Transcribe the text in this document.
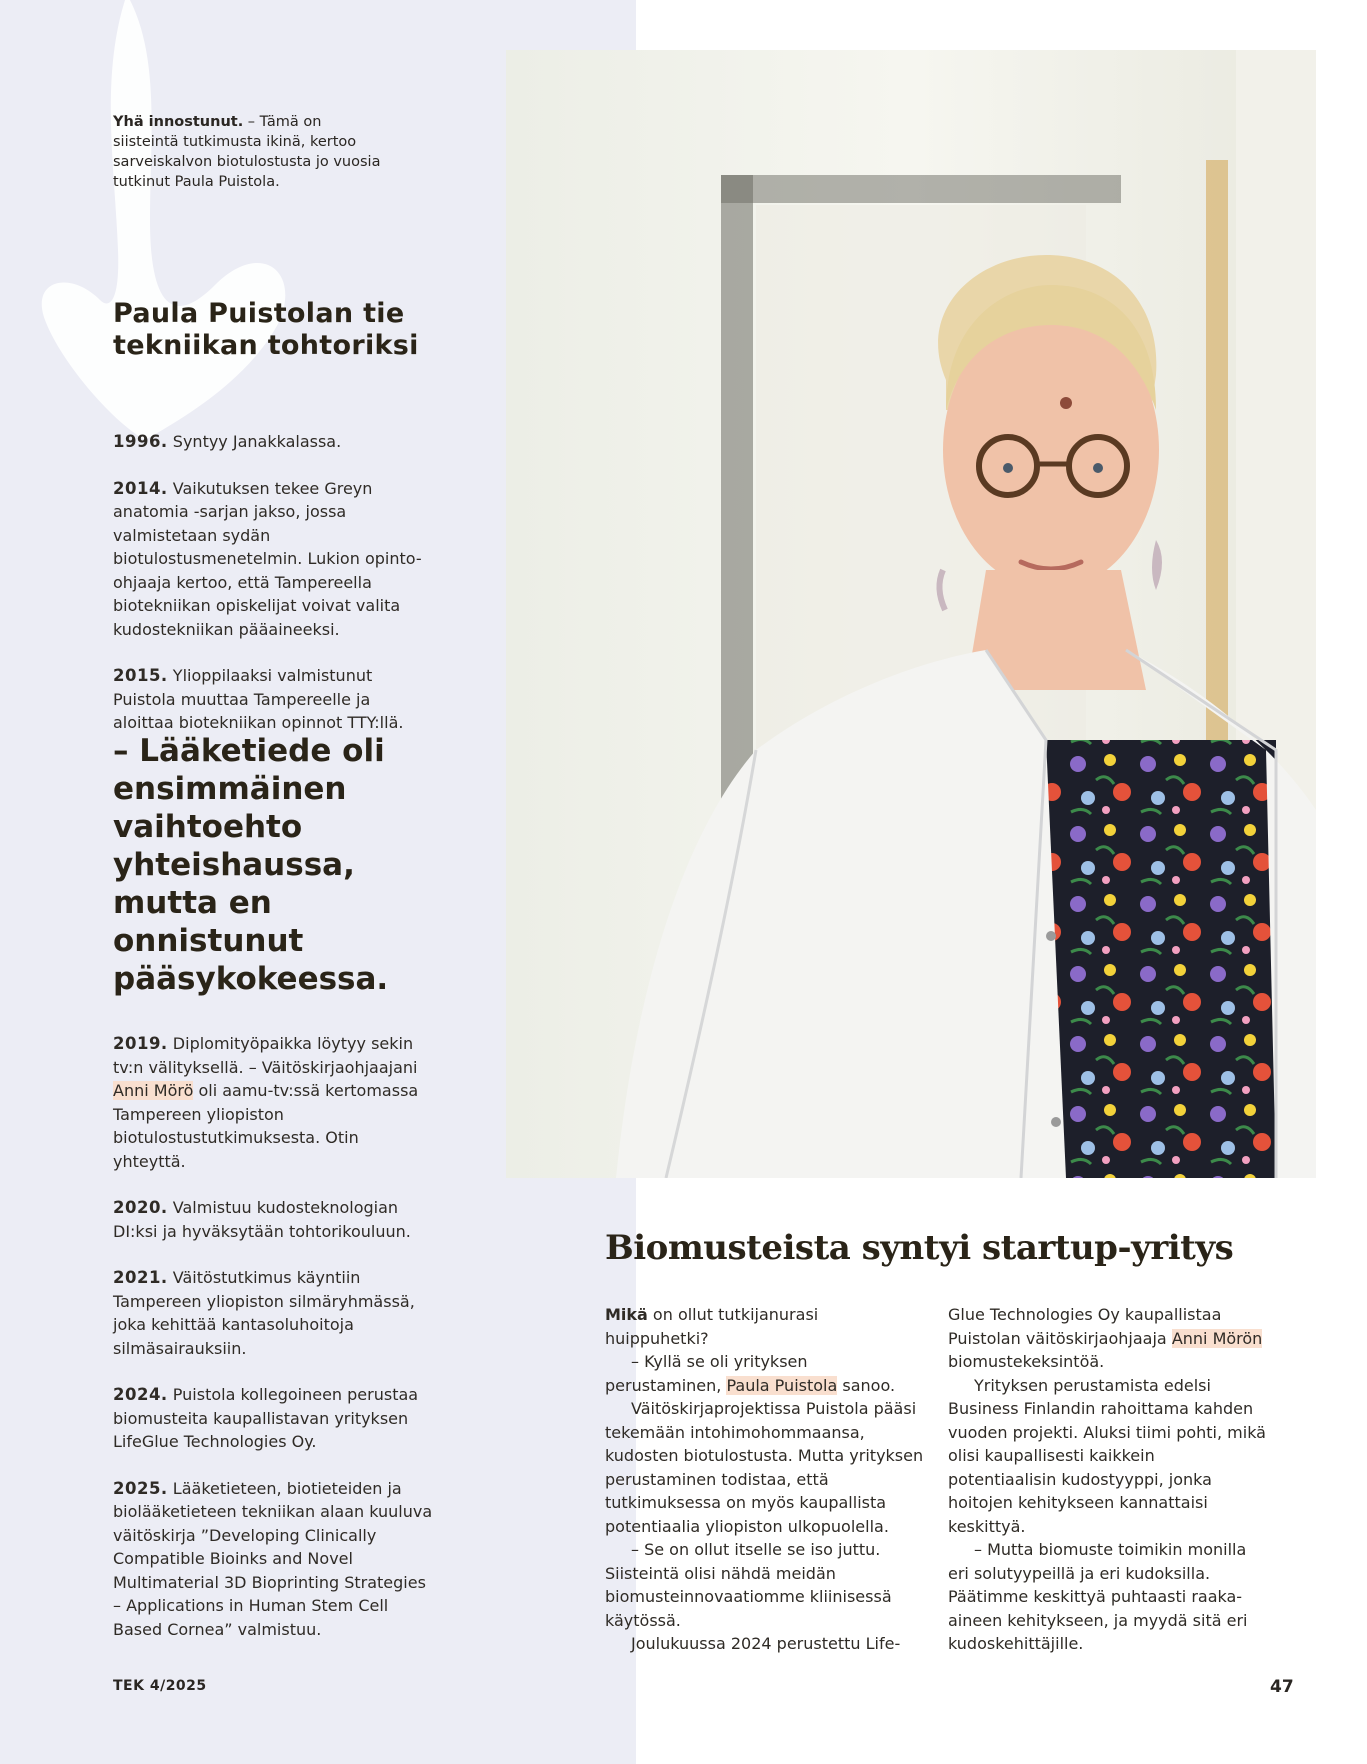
Yhä innostunut. – Tämä on siisteintä tutkimusta ikinä, kertoo sarveiskalvon biotulostusta jo vuosia tutkinut Paula Puistola.
Paula Puistolan tie tekniikan tohtoriksi

1996. Syntyy Janakkalassa.

2014. Vaikutuksen tekee Greyn anatomia -sarjan jakso, jossa valmistetaan sydän biotulostusmenetelmin. Lukion opinto-ohjaaja kertoo, että Tampereella biotekniikan opiskelijat voivat valita kudostekniikan pääaineeksi.

2015. Ylioppilaaksi valmistunut Puistola muuttaa Tampereelle ja aloittaa biotekniikan opinnot TTY:llä.

– Lääketiede oli ensimmäinen vaihtoehto yhteishaussa, mutta en onnistunut pääsykokeessa.

2019. Diplomityöpaikka löytyy sekin tv:n välityksellä. – Väitöskirjaohjaajani Anni Mörö oli aamu-tv:ssä kertomassa Tampereen yliopiston biotulostustutkimuksesta. Otin yhteyttä.

2020. Valmistuu kudosteknologian DI:ksi ja hyväksytään tohtorikouluun.

2021. Väitöstutkimus käyntiin Tampereen yliopiston silmäryhmässä, joka kehittää kantasoluhoitoja silmäsairauksiin.

2024. Puistola kollegoineen perustaa biomusteita kaupallistavan yrityksen LifeGlue Technologies Oy.

2025. Lääketieteen, biotieteiden ja biolääketieteen tekniikan alaan kuuluva väitöskirja ”Developing Clinically Compatible Bioinks and Novel Multimaterial 3D Bioprinting Strategies – Applications in Human Stem Cell Based Cornea” valmistuu.

Biomusteista syntyi startup-yritys

Mikä on ollut tutkijanurasi huippuhetki?

– Kyllä se oli yrityksen perustaminen, Paula Puistola sanoo.

Väitöskirjaprojektissa Puistola pääsi tekemään intohimohommaansa, kudosten biotulostusta. Mutta yrityksen perustaminen todistaa, että tutkimuksessa on myös kaupallista potentiaalia yliopiston ulkopuolella.

– Se on ollut itselle se iso juttu. Siisteintä olisi nähdä meidän biomusteinnovaatiomme kliinisessä käytössä.

Joulukuussa 2024 perustettu Life-

Glue Technologies Oy kaupallistaa Puistolan väitöskirjaohjaaja Anni Mörön biomustekeksintöä.

Yrityksen perustamista edelsi Business Finlandin rahoittama kahden vuoden projekti. Aluksi tiimi pohti, mikä olisi kaupallisesti kaikkein potentiaalisin kudostyyppi, jonka hoitojen kehitykseen kannattaisi keskittyä.

– Mutta biomuste toimikin monilla eri solutyypeillä ja eri kudoksilla. Päätimme keskittyä puhtaasti raaka-aineen kehitykseen, ja myydä sitä eri kudoskehittäjille.

TEK 4/2025	47
